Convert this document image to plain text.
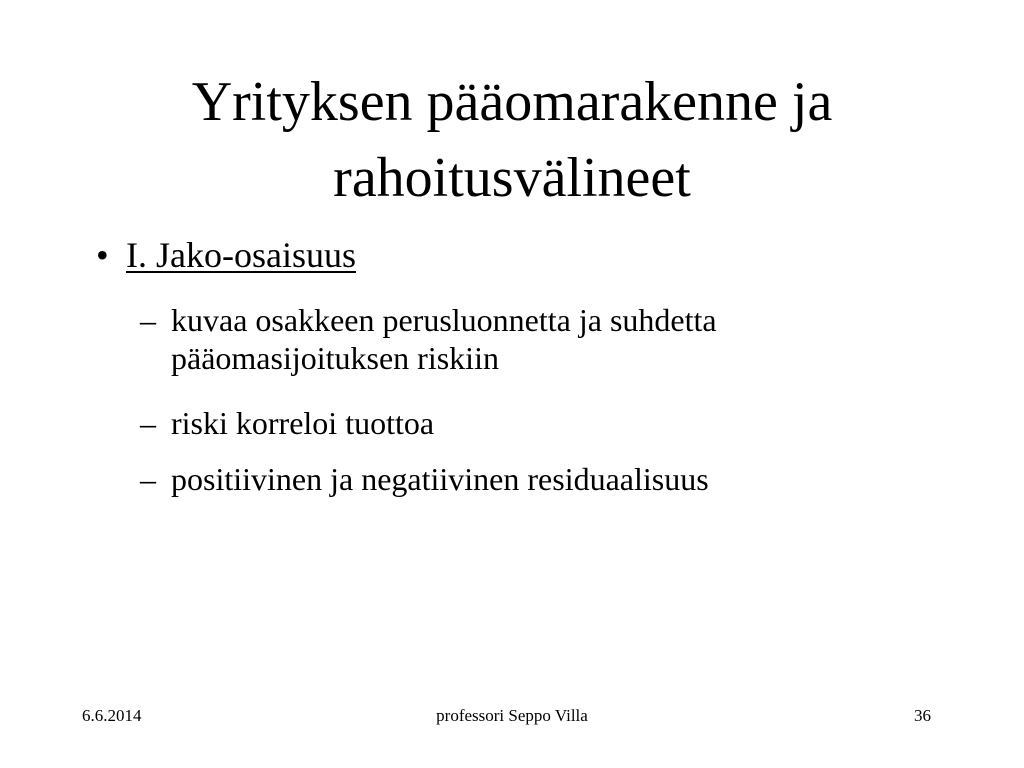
Yrityksen pääomarakenne ja
rahoitusvälineet
• I. Jako-osaisuus
– kuvaa osakkeen perusluonnetta ja suhdetta pääomasijoituksen riskiin
– riski korreloi tuottoa
– positiivinen ja negatiivinen residuaalisuus
6.6.2014	professori Seppo Villa	36
